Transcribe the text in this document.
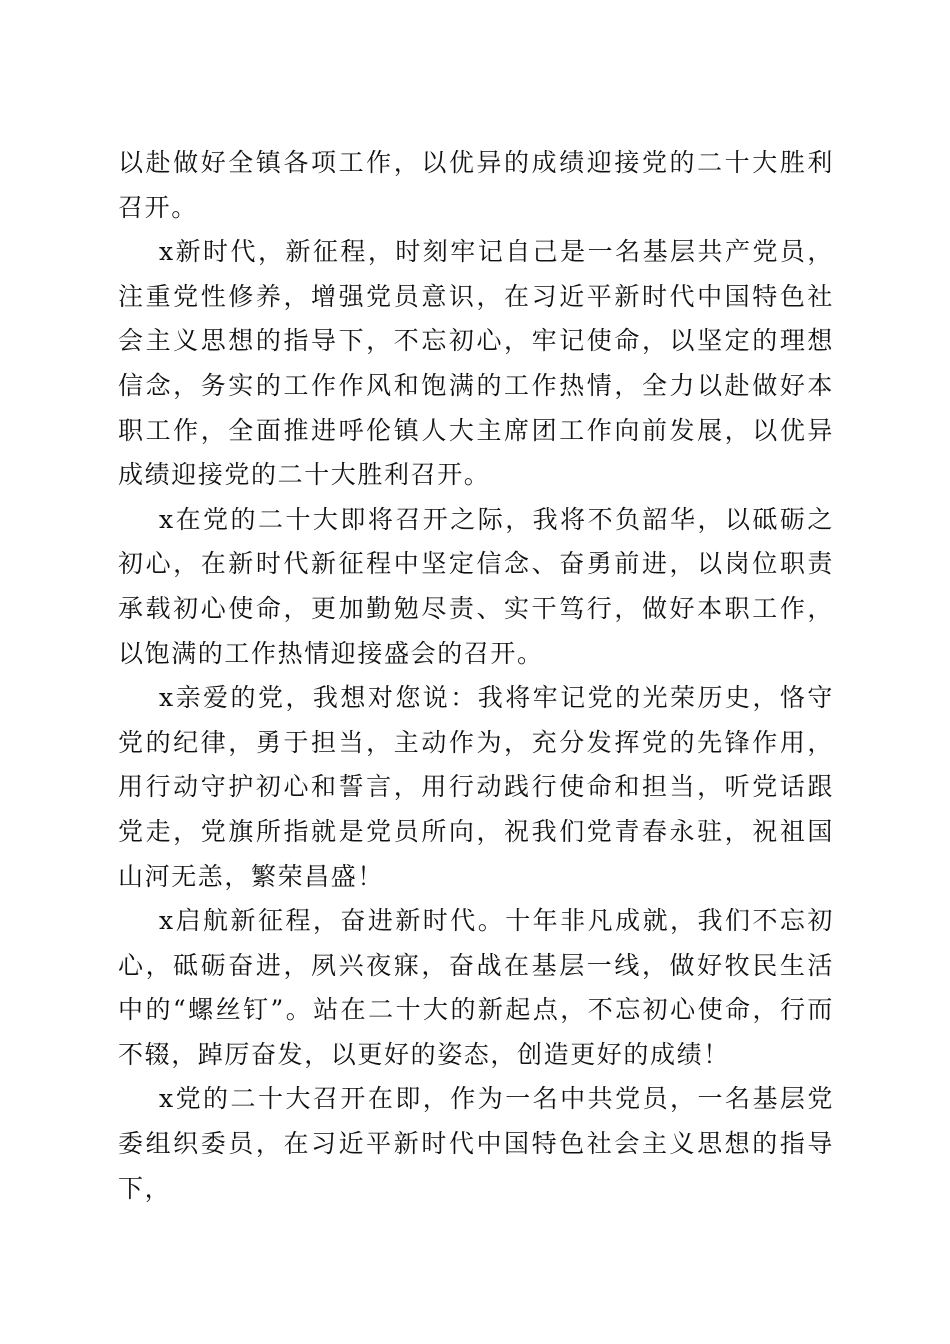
以赴做好全镇各项工作，以优异的成绩迎接党的二十大胜利召开。

x新时代，新征程，时刻牢记自己是一名基层共产党员，注重党性修养，增强党员意识，在习近平新时代中国特色社会主义思想的指导下，不忘初心，牢记使命，以坚定的理想信念，务实的工作作风和饱满的工作热情，全力以赴做好本职工作，全面推进呼伦镇人大主席团工作向前发展，以优异成绩迎接党的二十大胜利召开。

x在党的二十大即将召开之际，我将不负韶华，以砥砺之初心，在新时代新征程中坚定信念、奋勇前进，以岗位职责承载初心使命，更加勤勉尽责、实干笃行，做好本职工作，以饱满的工作热情迎接盛会的召开。

x亲爱的党，我想对您说：我将牢记党的光荣历史，恪守党的纪律，勇于担当，主动作为，充分发挥党的先锋作用，用行动守护初心和誓言，用行动践行使命和担当，听党话跟党走，党旗所指就是党员所向，祝我们党青春永驻，祝祖国山河无恙，繁荣昌盛！

x启航新征程，奋进新时代。十年非凡成就，我们不忘初心，砥砺奋进，夙兴夜寐，奋战在基层一线，做好牧民生活中的“螺丝钉”。站在二十大的新起点，不忘初心使命，行而不辍，踔厉奋发，以更好的姿态，创造更好的成绩！

x党的二十大召开在即，作为一名中共党员，一名基层党委组织委员，在习近平新时代中国特色社会主义思想的指导下，
